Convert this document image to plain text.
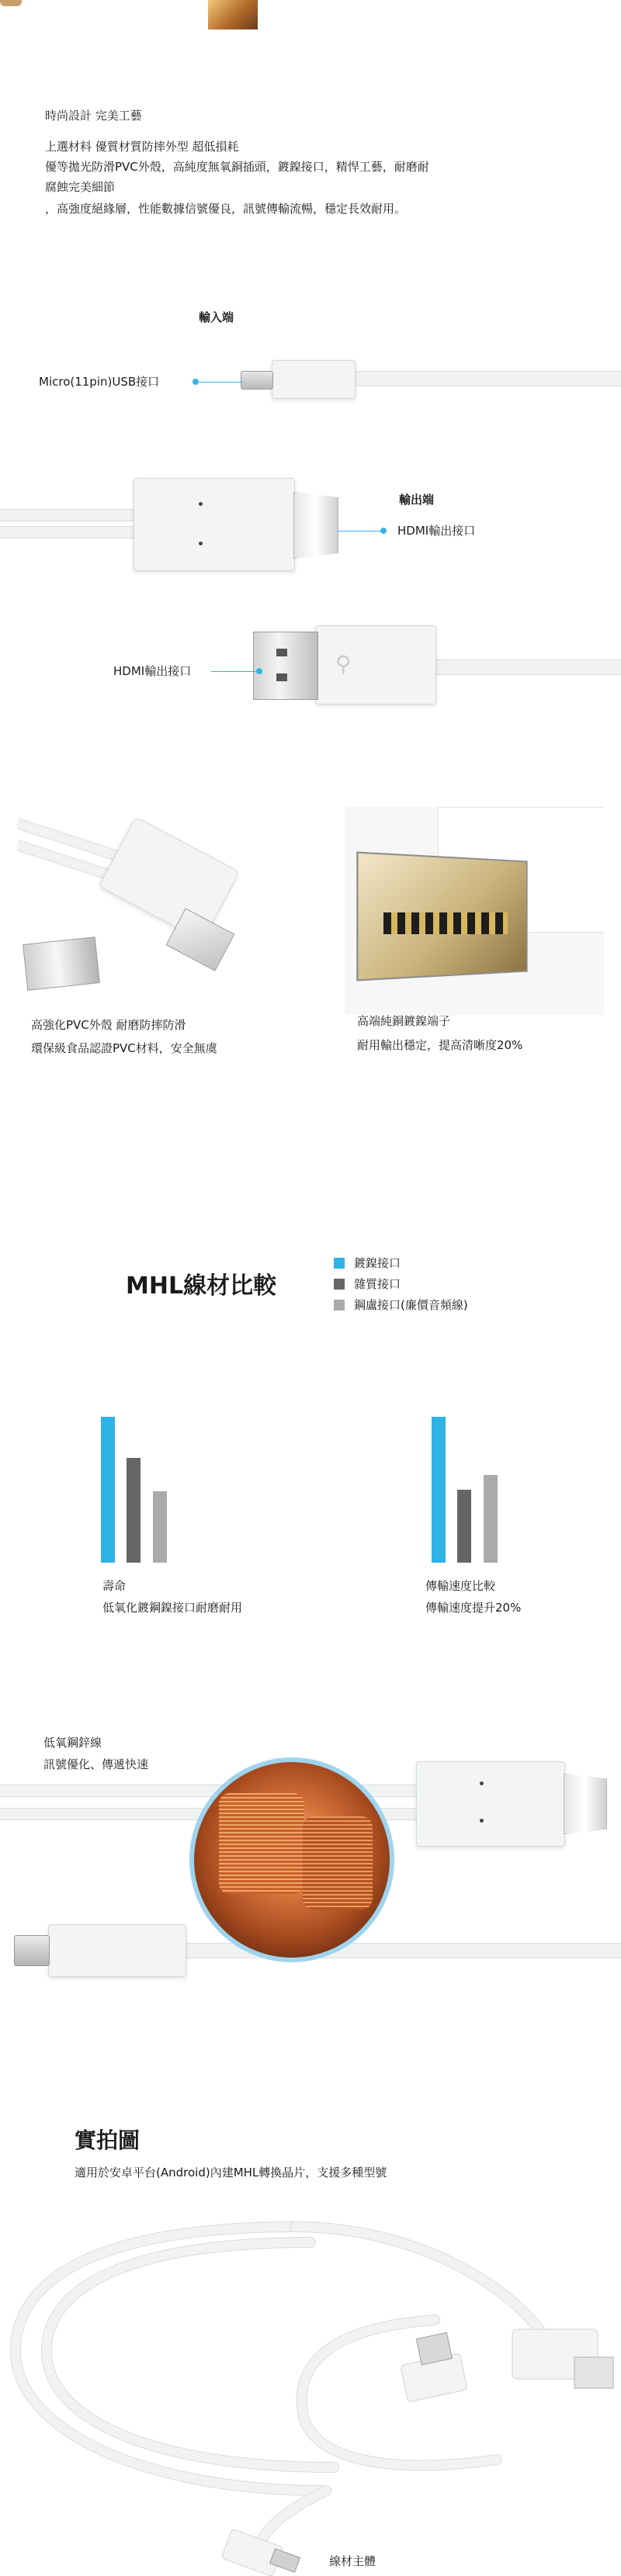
時尚設計 完美工藝
上選材料 優質材質防摔外型 超低損耗
優等拋光防滑PVC外殼，高純度無氧銅插頭，鍍鎳接口，精悍工藝，耐磨耐
腐蝕完美細節
，高強度絕緣層，性能數據信號優良，訊號傳輸流暢，穩定長效耐用。
輸入端
Micro(11pin)USB接口
輸出端
HDMI輸出接口
⚲
HDMI輸出接口
高強化PVC外殼 耐磨防摔防滑
環保級食品認證PVC材料，安全無虞
高端純銅鍍鎳端子
耐用輸出穩定，提高清晰度20%
MHL線材比較
鍍鎳接口
雜質接口
鋼盧接口(廉價音頻線)
壽命
低氧化鍍鋼鎳接口耐磨耐用
傳輸速度比較
傳輸速度提升20%
低氧鋼鋅線
訊號優化、傳遞快速
實拍圖
適用於安卓平台(Android)內建MHL轉換晶片，支援多種型號
線材主體
